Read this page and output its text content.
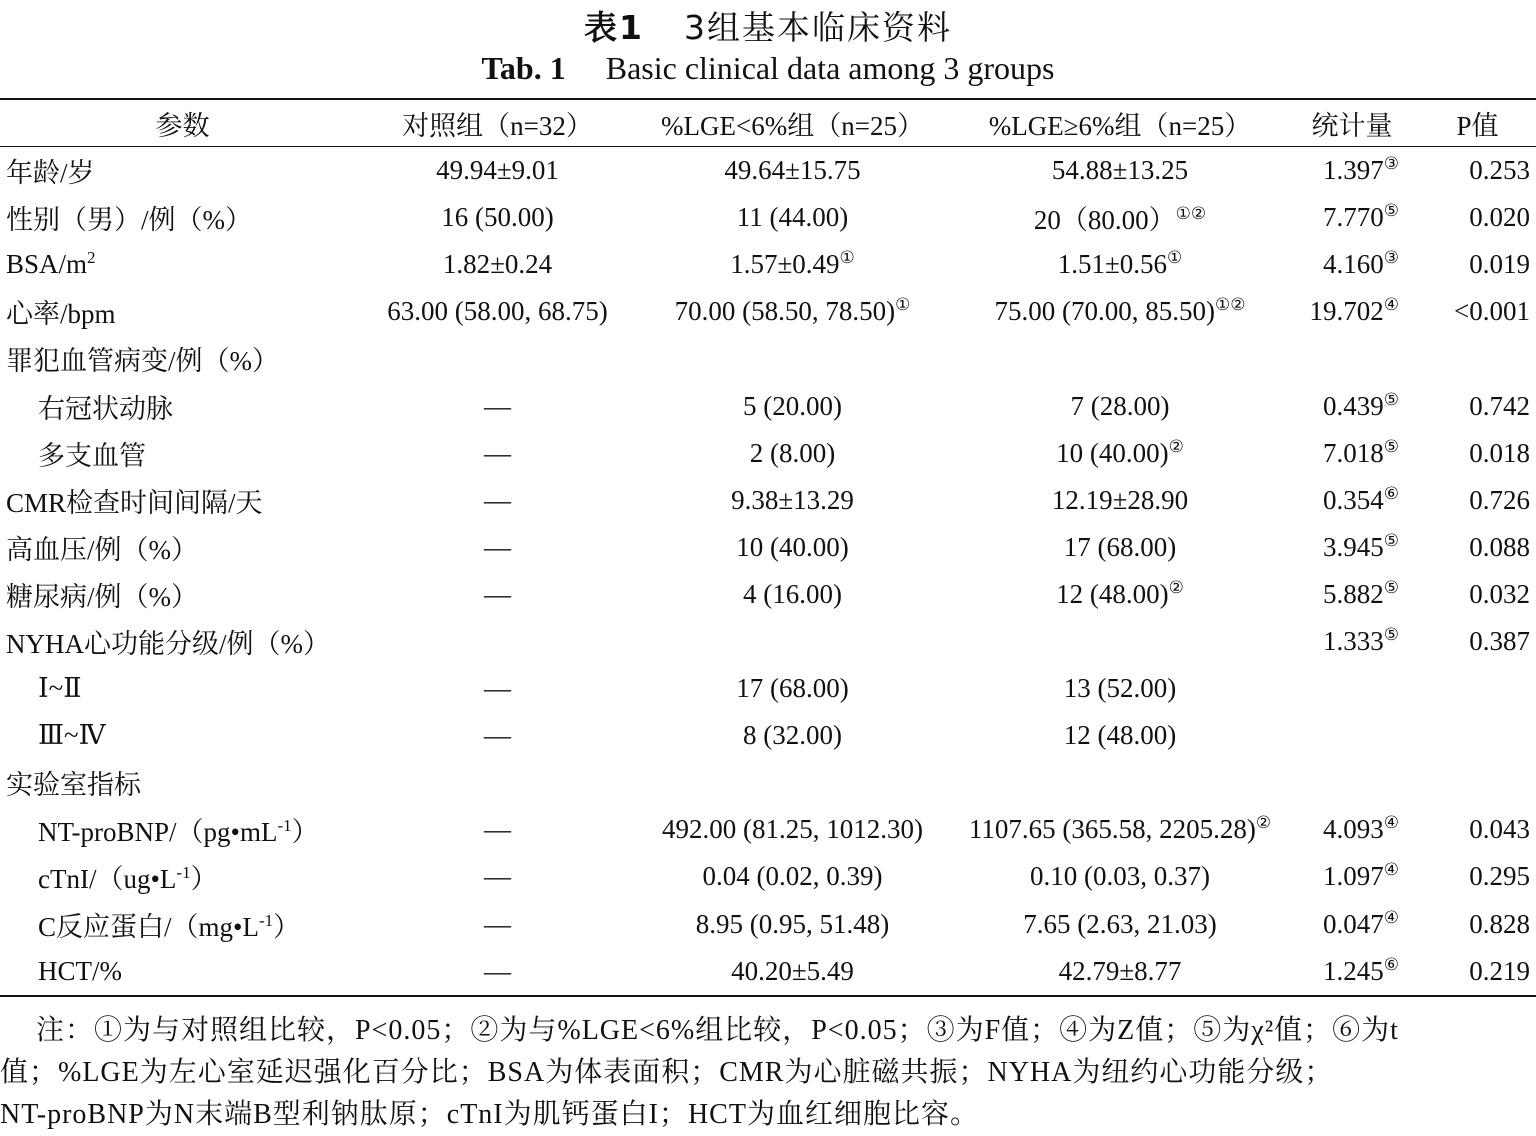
表1 3组基本临床资料
Tab. 1 Basic clinical data among 3 groups
参数	对照组（n=32）	%LGE<6%组（n=25）	%LGE≥6%组（n=25）	统计量	P值
年龄/岁	49.94±9.01	49.64±15.75	54.88±13.25	1.397③	0.253
性别（男）/例（%）	16 (50.00)	11 (44.00)	20（80.00）①②	7.770⑤	0.020
BSA/$m^2$	1.82±0.24	1.57±0.49①	1.51±0.56①	4.160③	0.019
心率/bpm	63.00 (58.00, 68.75)	70.00 (58.50, 78.50)①	75.00 (70.00, 85.50)①②	19.702④	<0.001
罪犯血管病变/例（%）					
右冠状动脉	—	5 (20.00)	7 (28.00)	0.439⑤	0.742
多支血管	—	2 (8.00)	10 (40.00)②	7.018⑤	0.018
CMR检查时间间隔/天	—	9.38±13.29	12.19±28.90	0.354⑥	0.726
高血压/例（%）	—	10 (40.00)	17 (68.00)	3.945⑤	0.088
糖尿病/例（%）	—	4 (16.00)	12 (48.00)②	5.882⑤	0.032
NYHA心功能分级/例（%）				1.333⑤	0.387
Ⅰ~Ⅱ	—	17 (68.00)	13 (52.00)		
Ⅲ~Ⅳ	—	8 (32.00)	12 (48.00)		
实验室指标					
$NT-proBNP/(pg•mL^{-1})$	—	492.00 (81.25, 1012.30)	1107.65 (365.58, 2205.28)②	4.093④	0.043
cTnI/$(ug•L^{-1})$	—	0.04 (0.02, 0.39)	0.10 (0.03, 0.37)	1.097④	0.295
C反应蛋白$/(mg•L^{-1})$	—	8.95 (0.95, 51.48)	7.65 (2.63, 21.03)	0.047④	0.828
HCT/%	—	40.20±5.49	42.79±8.77	1.245⑥	0.219

注：①为与对照组比较，P<0.05；②为与%LGE<6%组比较，P<0.05；③为F值；④为Z值；⑤为χ²值；⑥为t

值；%LGE为左心室延迟强化百分比；BSA为体表面积；CMR为心脏磁共振；NYHA为纽约心功能分级；

NT-proBNP为N末端B型利钠肽原；cTnI为肌钙蛋白I；HCT为血红细胞比容。
